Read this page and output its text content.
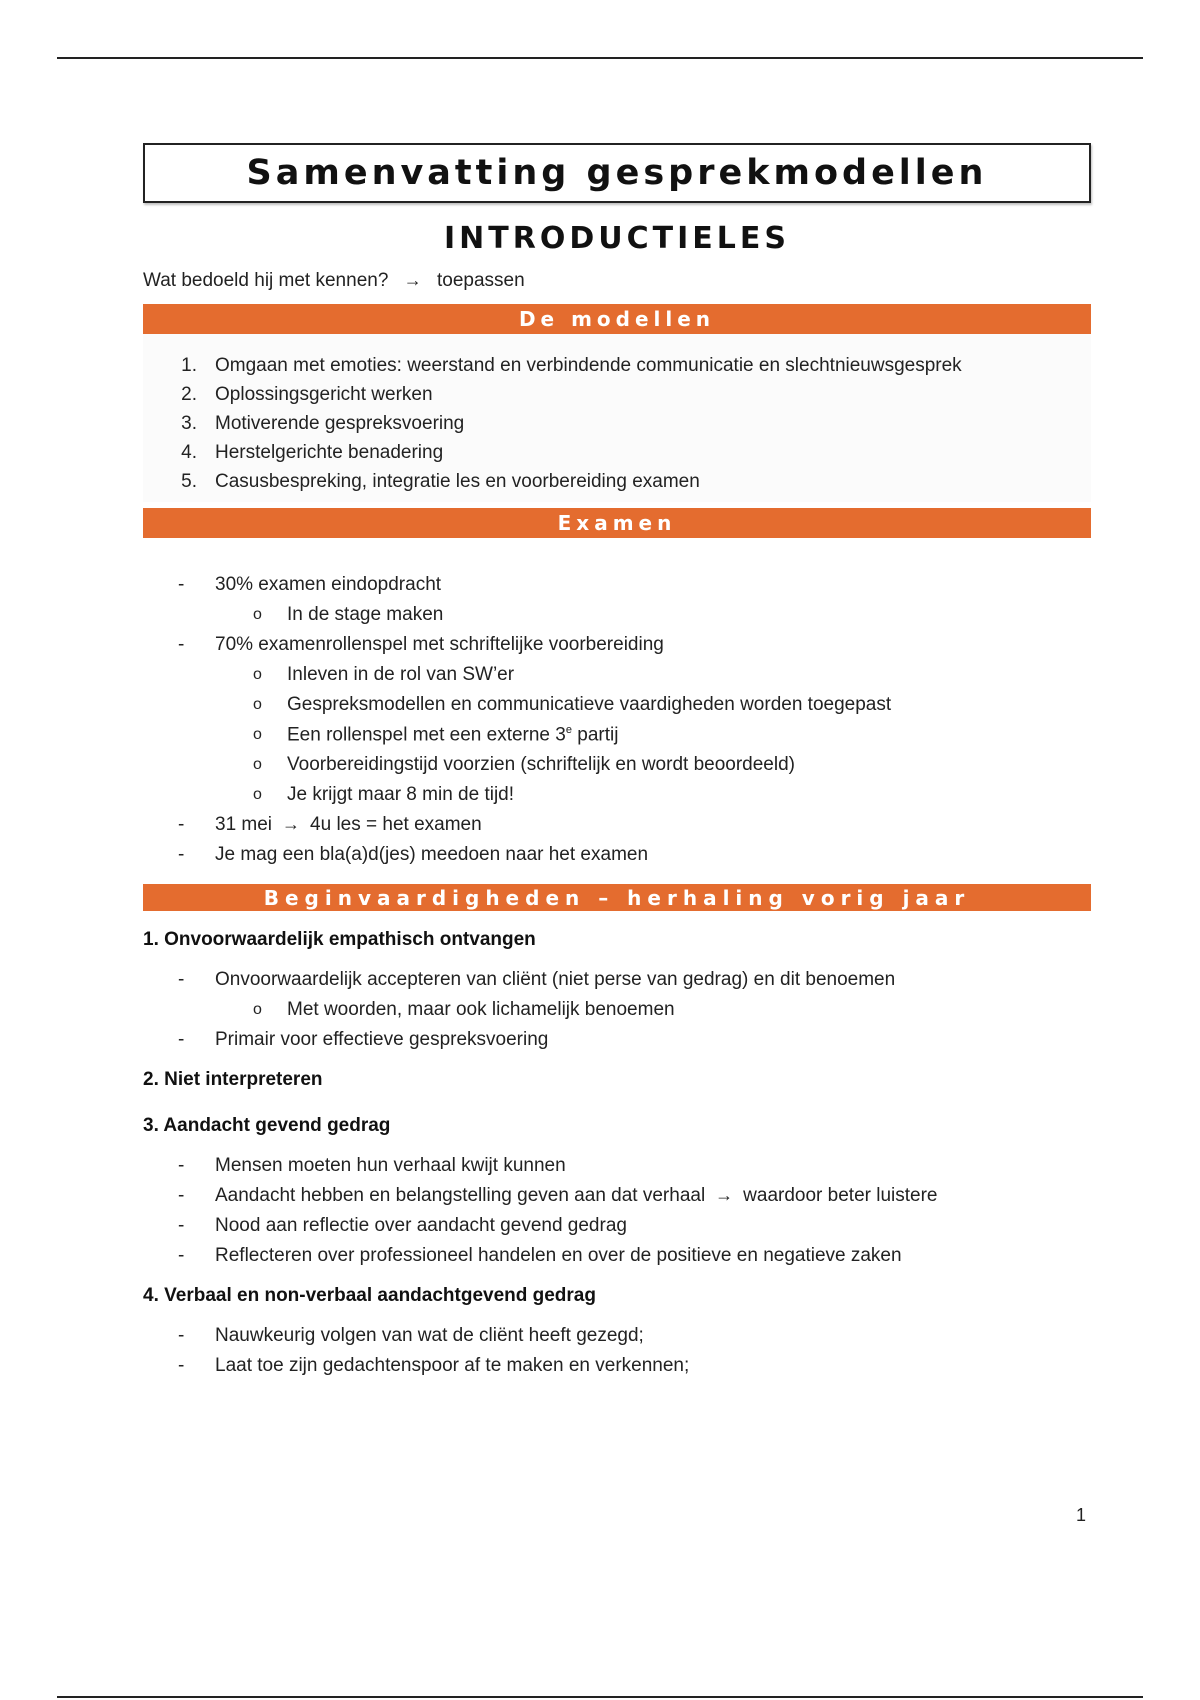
Samenvatting gesprekmodellen
INTRODUCTIELES
Wat bedoeld hij met kennen? → toepassen
De modellen
1. Omgaan met emoties: weerstand en verbindende communicatie en slechtnieuwsgesprek
2. Oplossingsgericht werken
3. Motiverende gespreksvoering
4. Herstelgerichte benadering
5. Casusbespreking, integratie les en voorbereiding examen
Examen
-	30% examen eindopdracht
o	In de stage maken
-	70% examenrollenspel met schriftelijke voorbereiding
o	Inleven in de rol van SW’er
o	Gespreksmodellen en communicatieve vaardigheden worden toegepast
o	Een rollenspel met een externe 3e partij
o	Voorbereidingstijd voorzien (schriftelijk en wordt beoordeeld)
o	Je krijgt maar 8 min de tijd!
-	31 mei → 4u les = het examen
-	Je mag een bla(a)d(jes) meedoen naar het examen
Beginvaardigheden – herhaling vorig jaar
1. Onvoorwaardelijk empathisch ontvangen
-	Onvoorwaardelijk accepteren van cliënt (niet perse van gedrag) en dit benoemen
o	Met woorden, maar ook lichamelijk benoemen
-	Primair voor effectieve gespreksvoering
2. Niet interpreteren
3. Aandacht gevend gedrag
-	Mensen moeten hun verhaal kwijt kunnen
-	Aandacht hebben en belangstelling geven aan dat verhaal → waardoor beter luistere
-	Nood aan reflectie over aandacht gevend gedrag
-	Reflecteren over professioneel handelen en over de positieve en negatieve zaken
4. Verbaal en non-verbaal aandachtgevend gedrag
-	Nauwkeurig volgen van wat de cliënt heeft gezegd;
-	Laat toe zijn gedachtenspoor af te maken en verkennen;
1
